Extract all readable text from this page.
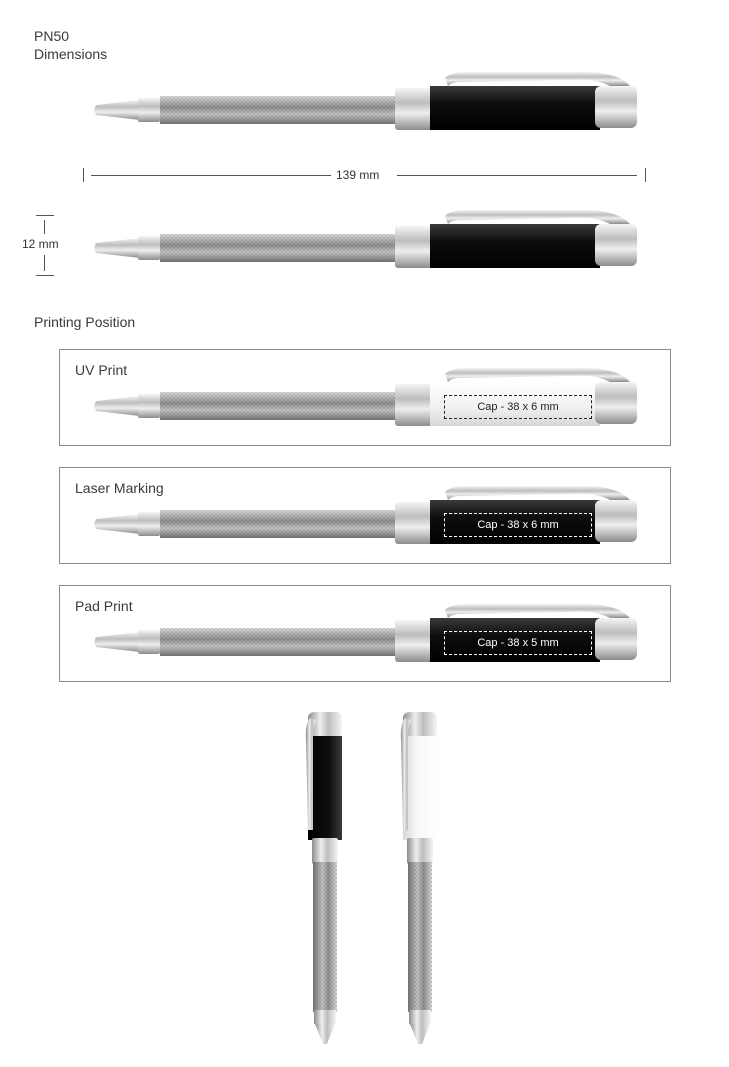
PN50
Dimensions
139 mm
12 mm
Printing Position
UV Print
Cap - 38 x 6 mm
Laser Marking
Cap - 38 x 6 mm
Pad Print
Cap - 38 x 5 mm
